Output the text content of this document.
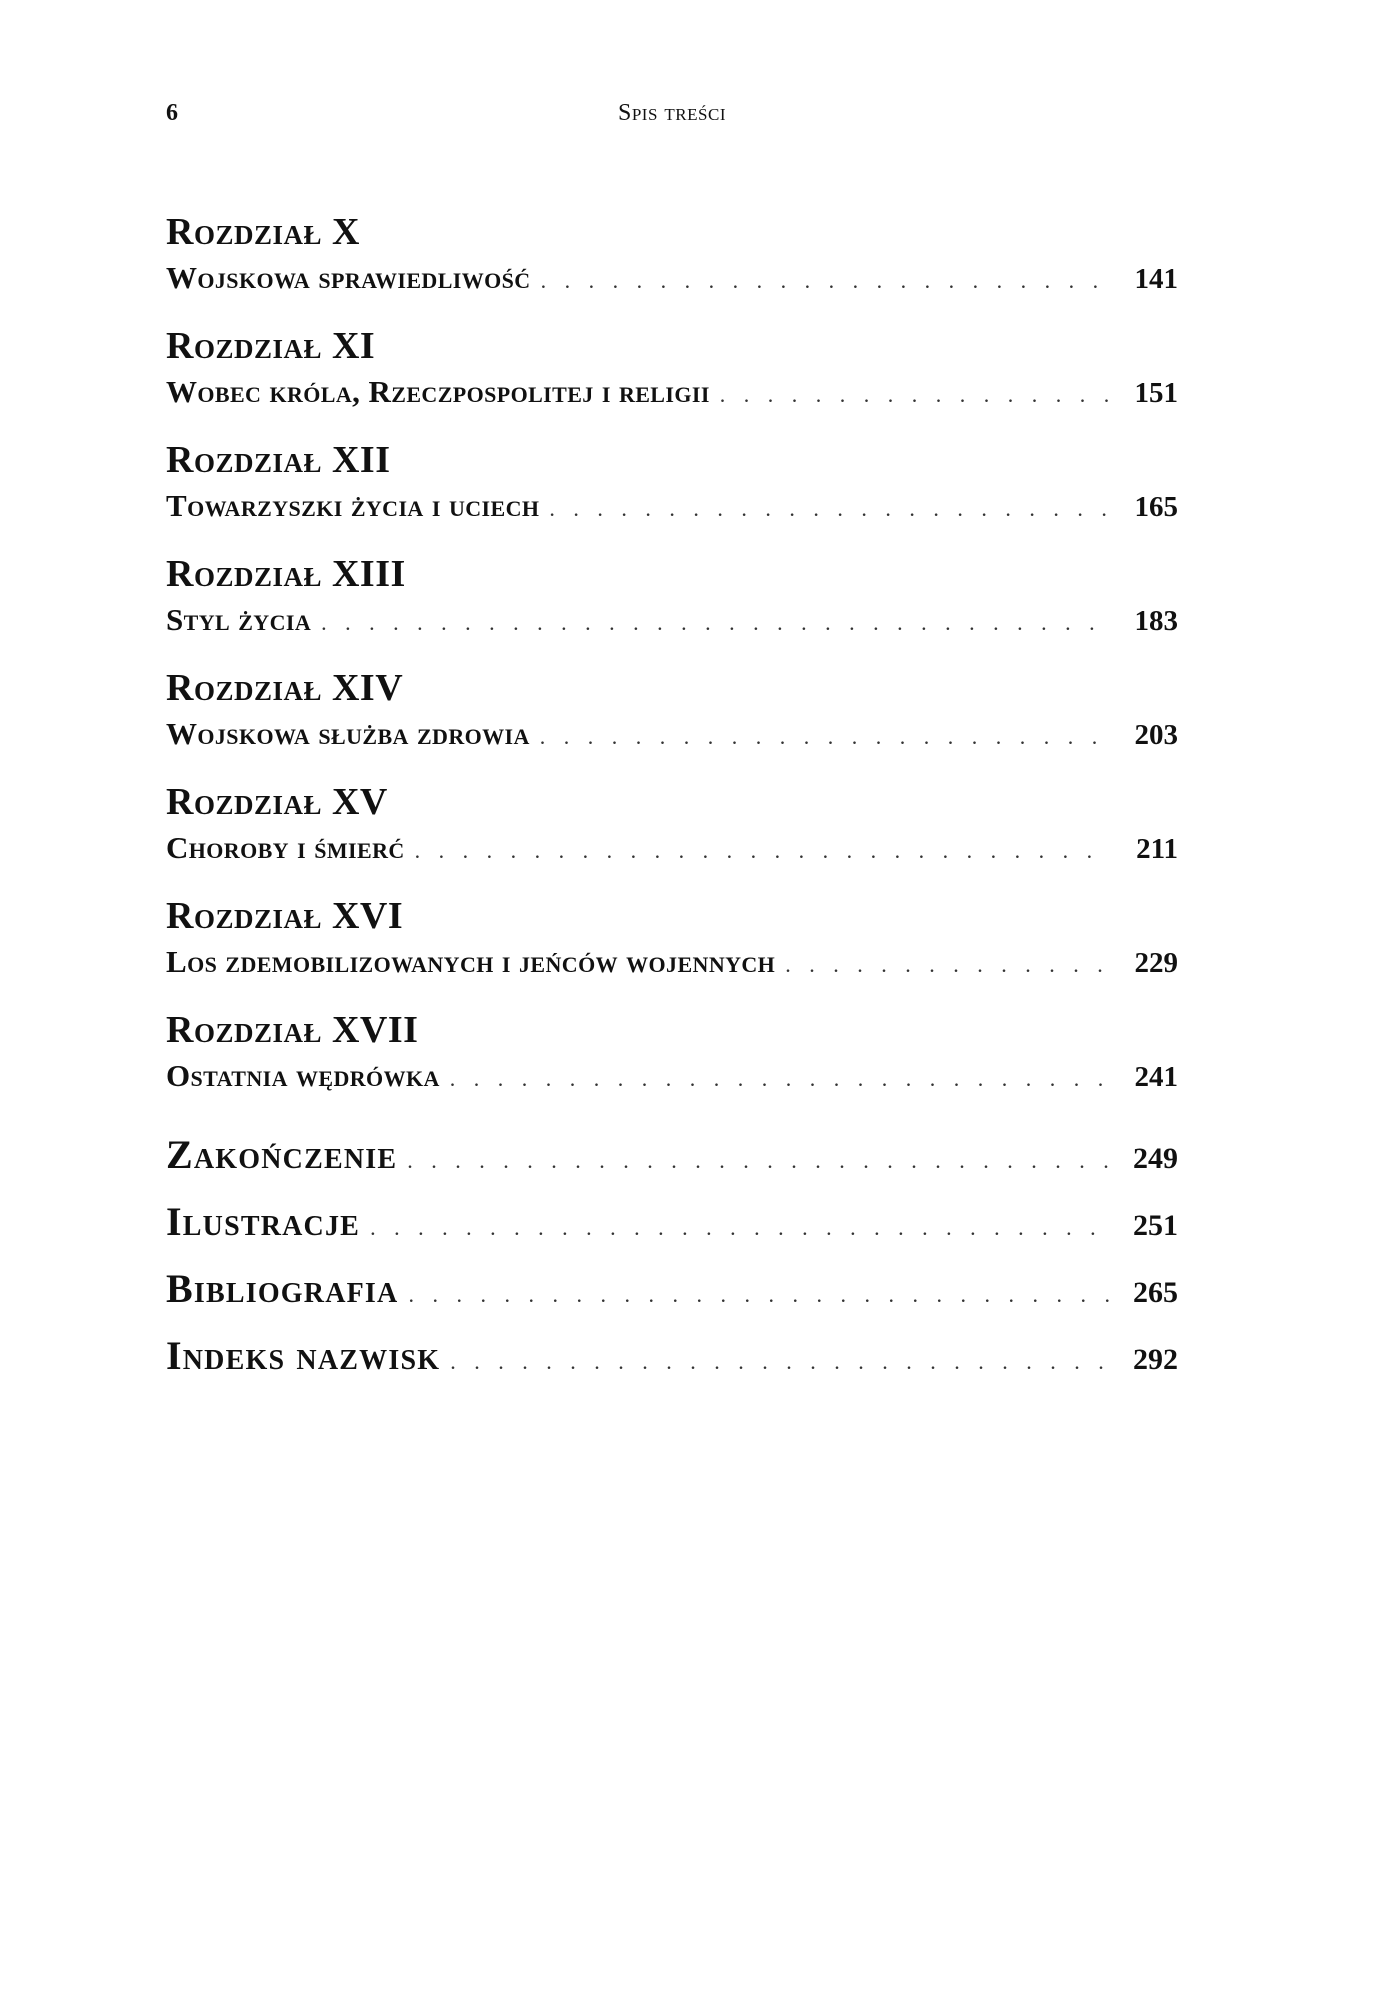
6	Spis treści
Rozdział X
Wojskowa sprawiedliwość . . .	141
Rozdział XI
Wobec króla, Rzeczpospolitej i religii . . .	151
Rozdział XII
Towarzyszki życia i uciech . . .	165
Rozdział XIII
Styl życia . . .	183
Rozdział XIV
Wojskowa służba zdrowia . . .	203
Rozdział XV
Choroby i śmierć . . .	211
Rozdział XVI
Los zdemobilizowanych i jeńców wojennych . . .	229
Rozdział XVII
Ostatnia wędrówka . . .	241
Zakończenie . . .	249
Ilustracje . . .	251
Bibliografia . . .	265
Indeks nazwisk . . .	292
